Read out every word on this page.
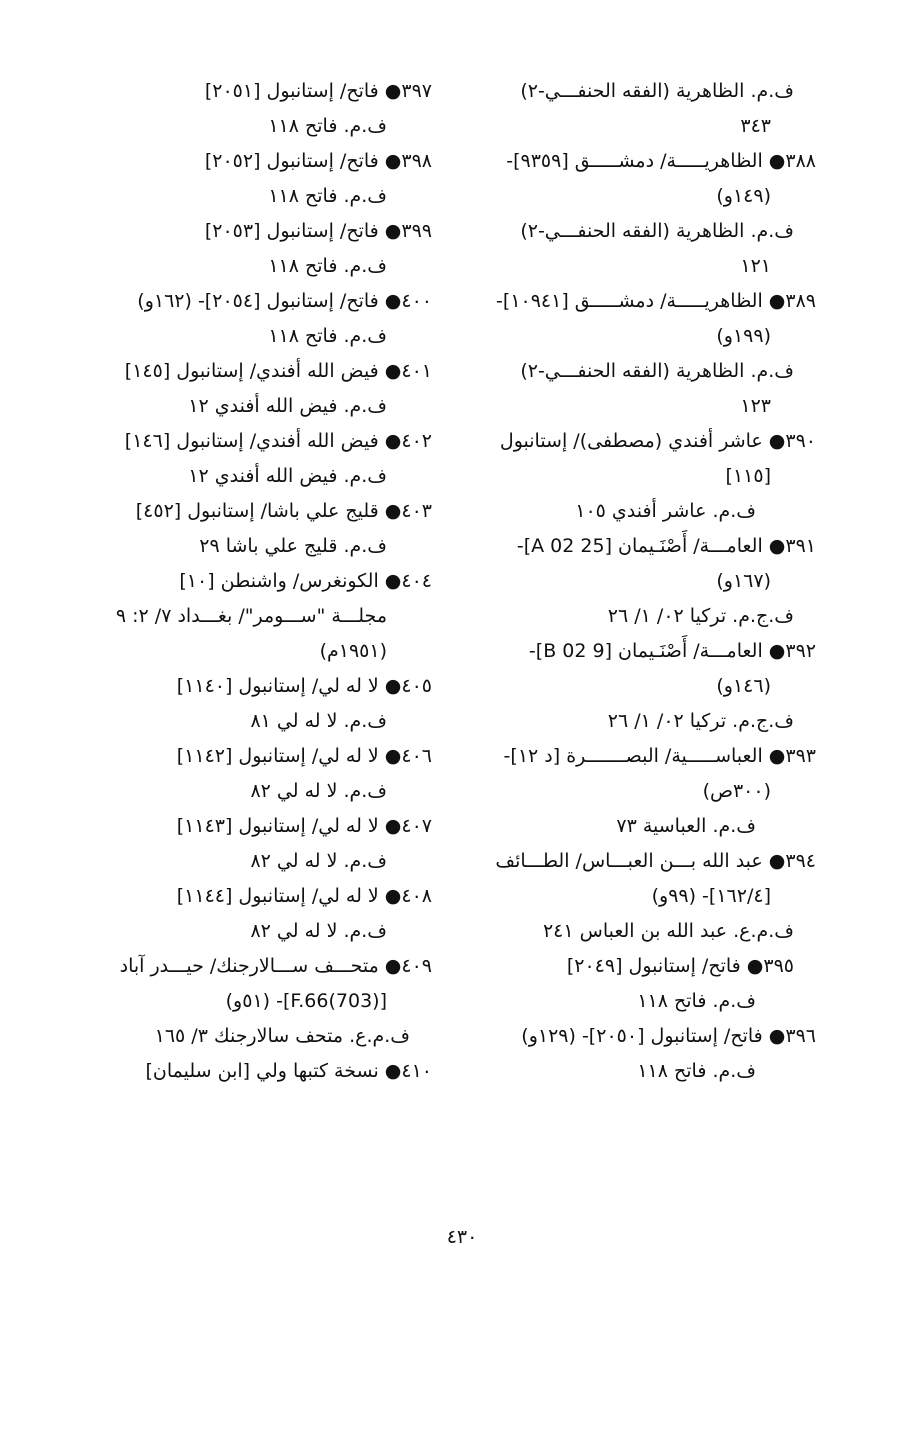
ف.م. الظاهرية (الفقه الحنفـــي-٢)
٣٤٣
٣٨٨● الظاهريـــــة/ دمشـــــق [٩٣٥٩]-
(١٤٩و)
ف.م. الظاهرية (الفقه الحنفـــي-٢)
١٢١
٣٨٩● الظاهريـــــة/ دمشـــــق [١٠٩٤١]-
(١٩٩و)
ف.م. الظاهرية (الفقه الحنفـــي-٢)
١٢٣
٣٩٠● عاشر أفندي (مصطفى)/ إستانبول
[١١٥]
ف.م. عاشر أفندي ١٠٥
٣٩١● العامـــة/ أَصْنَـيمان [25 A 02]-
(١٦٧و)
ف.ج.م. تركيا ٠٢/ ١/ ٢٦
٣٩٢● العامـــة/ أَصْنَـيمان [9 B 02]-
(١٤٦و)
ف.ج.م. تركيا ٠٢/ ١/ ٢٦
٣٩٣● العباســـــية/ البصـــــــرة [د ١٢]-
(٣٠٠ص)
ف.م. العباسية ٧٣
٣٩٤● عبد الله بـــن العبـــاس/ الطـــائف
[١٦٢/٤]- (٩٩و)
ف.م.ع. عبد الله بن العباس ٢٤١
٣٩٥● فاتح/ إستانبول [٢٠٤٩]
ف.م. فاتح ١١٨
٣٩٦● فاتح/ إستانبول [٢٠٥٠]- (١٢٩و)
ف.م. فاتح ١١٨
٣٩٧● فاتح/ إستانبول [٢٠٥١]
ف.م. فاتح ١١٨
٣٩٨● فاتح/ إستانبول [٢٠٥٢]
ف.م. فاتح ١١٨
٣٩٩● فاتح/ إستانبول [٢٠٥٣]
ف.م. فاتح ١١٨
٤٠٠● فاتح/ إستانبول [٢٠٥٤]- (١٦٢و)
ف.م. فاتح ١١٨
٤٠١● فيض الله أفندي/ إستانبول [١٤٥]
ف.م. فيض الله أفندي ١٢
٤٠٢● فيض الله أفندي/ إستانبول [١٤٦]
ف.م. فيض الله أفندي ١٢
٤٠٣● قليج علي باشا/ إستانبول [٤٥٢]
ف.م. قليج علي باشا ٢٩
٤٠٤● الكونغرس/ واشنطن [١٠]
مجلـــة "ســـومر"/ بغـــداد ٧/ ٢: ٩
(١٩٥١م)
٤٠٥● لا له لي/ إستانبول [١١٤٠]
ف.م. لا له لي ٨١
٤٠٦● لا له لي/ إستانبول [١١٤٢]
ف.م. لا له لي ٨٢
٤٠٧● لا له لي/ إستانبول [١١٤٣]
ف.م. لا له لي ٨٢
٤٠٨● لا له لي/ إستانبول [١١٤٤]
ف.م. لا له لي ٨٢
٤٠٩● متحـــف ســـالارجنك/ حيـــدر آباد
[(703)F.66]- (٥١و)
ف.م.ع. متحف سالارجنك ٣/ ١٦٥
٤١٠● نسخة كتبها ولي [ابن سليمان]
٤٣٠
